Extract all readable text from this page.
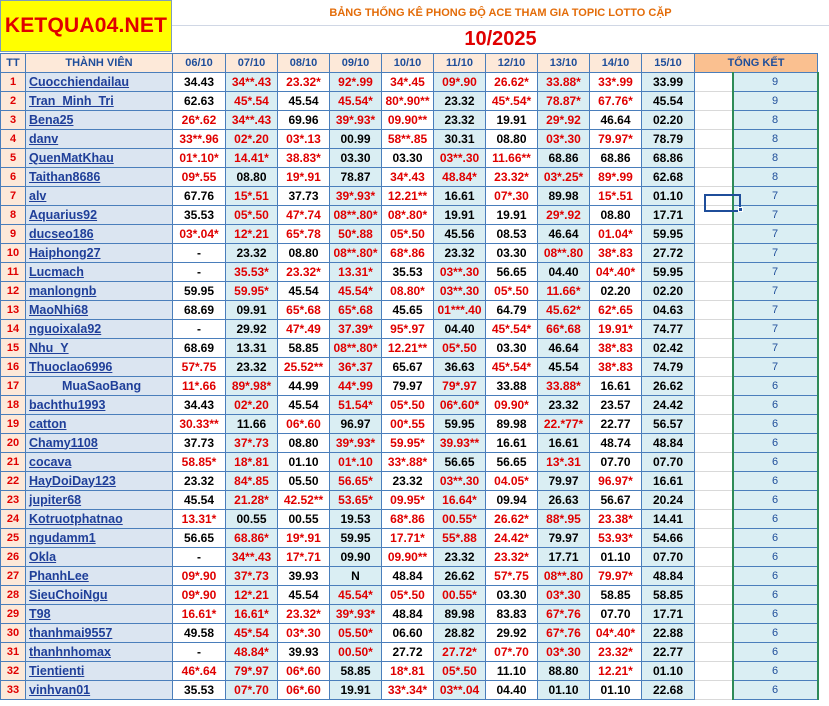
KETQUA04.NET
BẢNG THỐNG KÊ PHONG ĐỘ ACE THAM GIA TOPIC LOTTO CẶP
10/2025
TT	THÀNH VIÊN	06/10	07/10	08/10	09/10	10/10	11/10	12/10	13/10	14/10	15/10	TỔNG KẾT	
1	Cuocchiendailau	34.43	34**.43	23.32*	92*.99	34*.45	09*.90	26.62*	33.88*	33*.99	33.99		9
2	Tran_Minh_Tri	62.63	45*.54	45.54	45.54*	80*.90**	23.32	45*.54*	78.87*	67.76*	45.54		9
3	Bena25	26*.62	34**.43	69.96	39*.93*	09.90**	23.32	19.91	29*.92	46.64	02.20		8
4	danv	33**.96	02*.20	03*.13	00.99	58**.85	30.31	08.80	03*.30	79.97*	78.79		8
5	QuenMatKhau	01*.10*	14.41*	38.83*	03.30	03.30	03**.30	11.66**	68.86	68.86	68.86		8
6	Taithan8686	09*.55	08.80	19*.91	78.87	34*.43	48.84*	23.32*	03*.25*	89*.99	62.68		8
7	alv	67.76	15*.51	37.73	39*.93*	12.21**	16.61	07*.30	89.98	15*.51	01.10		7
8	Aquarius92	35.53	05*.50	47*.74	08**.80*	08*.80*	19.91	19.91	29*.92	08.80	17.71		7
9	ducseo186	03*.04*	12*.21	65*.78	50*.88	05*.50	45.56	08.53	46.64	01.04*	59.95		7
10	Haiphong27	-	23.32	08.80	08**.80*	68*.86	23.32	03.30	08**.80	38*.83	27.72		7
11	Lucmach	-	35.53*	23.32*	13.31*	35.53	03**.30	56.65	04.40	04*.40*	59.95		7
12	manlongnb	59.95	59.95*	45.54	45.54*	08.80*	03**.30	05*.50	11.66*	02.20	02.20		7
13	MaoNhi68	68.69	09.91	65*.68	65*.68	45.65	01***.40	64.79	45.62*	62*.65	04.63		7
14	nguoixala92	-	29.92	47*.49	37.39*	95*.97	04.40	45*.54*	66*.68	19.91*	74.77		7
15	Nhu_Y	68.69	13.31	58.85	08**.80*	12.21**	05*.50	03.30	46.64	38*.83	02.42		7
16	Thuoclao6996	57*.75	23.32	25.52**	36*.37	65.67	36.63	45*.54*	45.54	38*.83	74.79		7
17	MuaSaoBang	11*.66	89*.98*	44.99	44*.99	79.97	79*.97	33.88	33.88*	16.61	26.62		6
18	bachthu1993	34.43	02*.20	45.54	51.54*	05*.50	06*.60*	09.90*	23.32	23.57	24.42		6
19	catton	30.33**	11.66	06*.60	96.97	00*.55	59.95	89.98	22.*77*	22.77	56.57		6
20	Chamy1108	37.73	37*.73	08.80	39*.93*	59.95*	39.93**	16.61	16.61	48.74	48.84		6
21	cocava	58.85*	18*.81	01.10	01*.10	33*.88*	56.65	56.65	13*.31	07.70	07.70		6
22	HayDoiDay123	23.32	84*.85	05.50	56.65*	23.32	03**.30	04.05*	79.97	96.97*	16.61		6
23	jupiter68	45.54	21.28*	42.52**	53.65*	09.95*	16.64*	09.94	26.63	56.67	20.24		6
24	Kotruotphatnao	13.31*	00.55	00.55	19.53	68*.86	00.55*	26.62*	88*.95	23.38*	14.41		6
25	ngudamm1	56.65	68.86*	19*.91	59.95	17.71*	55*.88	24.42*	79.97	53.93*	54.66		6
26	Okla	-	34**.43	17*.71	09.90	09.90**	23.32	23.32*	17.71	01.10	07.70		6
27	PhanhLee	09*.90	37*.73	39.93	N	48.84	26.62	57*.75	08**.80	79.97*	48.84		6
28	SieuChoiNgu	09*.90	12*.21	45.54	45.54*	05*.50	00.55*	03.30	03*.30	58.85	58.85		6
29	T98	16.61*	16.61*	23.32*	39*.93*	48.84	89.98	83.83	67*.76	07.70	17.71		6
30	thanhmai9557	49.58	45*.54	03*.30	05.50*	06.60	28.82	29.92	67*.76	04*.40*	22.88		6
31	thanhnhomax	-	48.84*	39.93	00.50*	27.72	27.72*	07*.70	03*.30	23.32*	22.77		6
32	Tientienti	46*.64	79*.97	06*.60	58.85	18*.81	05*.50	11.10	88.80	12.21*	01.10		6
33	vinhvan01	35.53	07*.70	06*.60	19.91	33*.34*	03**.04	04.40	01.10	01.10	22.68		6
